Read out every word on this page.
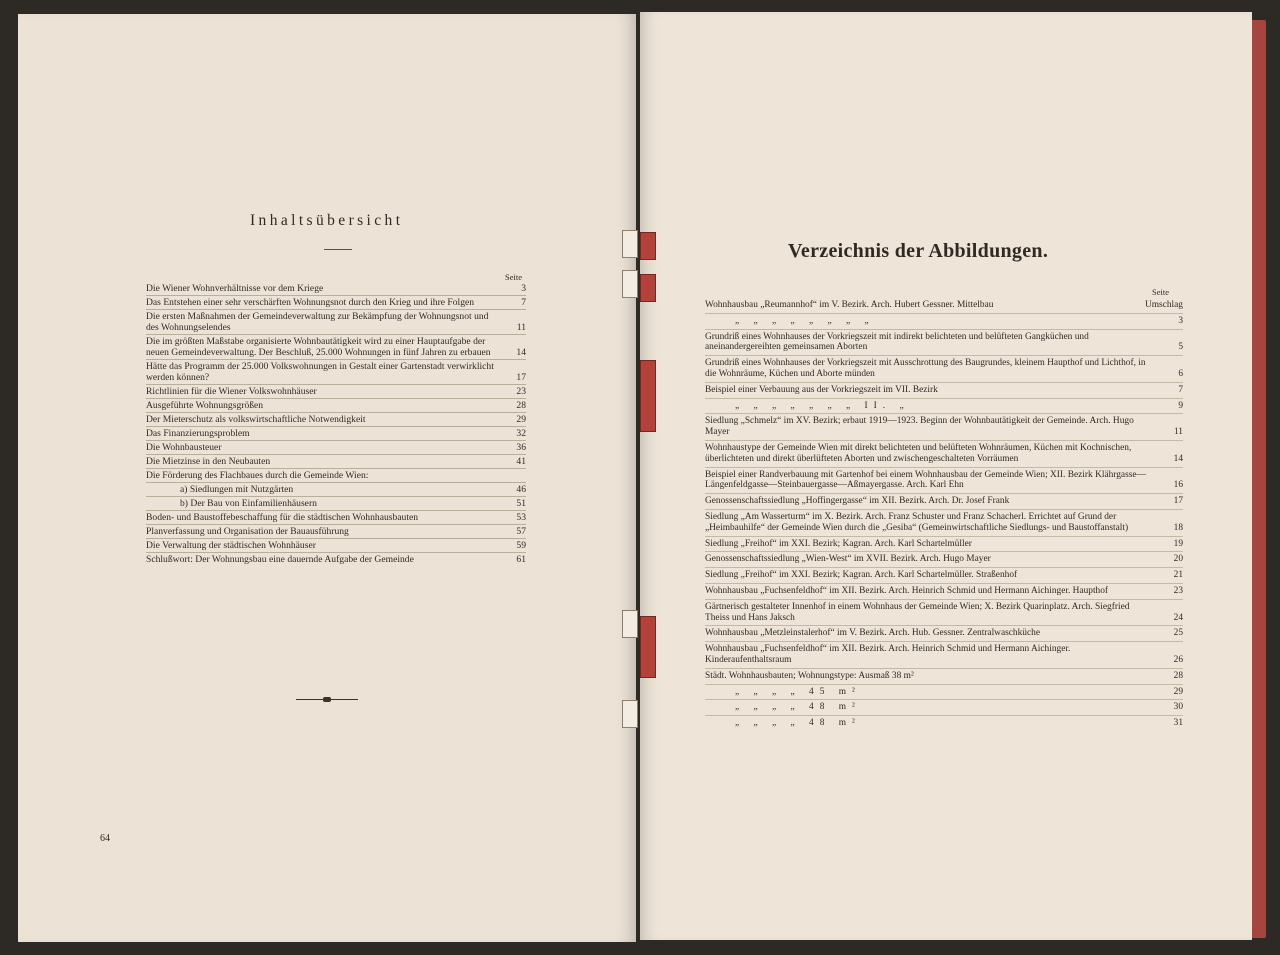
Inhaltsübersicht
Seite
Die Wiener Wohnverhältnisse vor dem Kriege	3
Das Entstehen einer sehr verschärften Wohnungsnot durch den Krieg und ihre Folgen	7
Die ersten Maßnahmen der Gemeindeverwaltung zur Bekämpfung der Wohnungsnot und des Wohnungselendes	11
Die im größten Maßstabe organisierte Wohnbautätigkeit wird zu einer Hauptaufgabe der neuen Gemeindeverwaltung. Der Beschluß, 25.000 Wohnungen in fünf Jahren zu erbauen	14
Hätte das Programm der 25.000 Volkswohnungen in Gestalt einer Gartenstadt verwirklicht werden können?	17
Richtlinien für die Wiener Volkswohnhäuser	23
Ausgeführte Wohnungsgrößen	28
Der Mieterschutz als volkswirtschaftliche Notwendigkeit	29
Das Finanzierungsproblem	32
Die Wohnbausteuer	36
Die Mietzinse in den Neubauten	41
Die Förderung des Flachbaues durch die Gemeinde Wien:
a) Siedlungen mit Nutzgärten	46
b) Der Bau von Einfamilienhäusern	51
Boden- und Baustoffebeschaffung für die städtischen Wohnhausbauten	53
Planverfassung und Organisation der Bauausführung	57
Die Verwaltung der städtischen Wohnhäuser	59
Schlußwort: Der Wohnungsbau eine dauernde Aufgabe der Gemeinde	61
64
Verzeichnis der Abbildungen.
Seite
Wohnhausbau „Reumannhof“ im V. Bezirk. Arch. Hubert Gessner. Mittelbau	Umschlag
„ „ „ „ „ „ „ „	3
Grundriß eines Wohnhauses der Vorkriegszeit mit indirekt belichteten und belüfteten Gangküchen und aneinandergereihten gemeinsamen Aborten	5
Grundriß eines Wohnhauses der Vorkriegszeit mit Ausschrottung des Baugrundes, kleinem Haupthof und Lichthof, in die Wohnräume, Küchen und Aborte münden	6
Beispiel einer Verbauung aus der Vorkriegszeit im VII. Bezirk	7
„ „ „ „ „ „ „ II. „	9
Siedlung „Schmelz“ im XV. Bezirk; erbaut 1919—1923. Beginn der Wohnbautätigkeit der Gemeinde. Arch. Hugo Mayer	11
Wohnhaustype der Gemeinde Wien mit direkt belichteten und belüfteten Wohnräumen, Küchen mit Kochnischen, überlichteten und direkt überlüfteten Aborten und zwischengeschalteten Vorräumen	14
Beispiel einer Randverbauung mit Gartenhof bei einem Wohnhausbau der Gemeinde Wien; XII. Bezirk Klährgasse—Längenfeldgasse—Steinbauergasse—Aßmayergasse. Arch. Karl Ehn	16
Genossenschaftssiedlung „Hoffingergasse“ im XII. Bezirk. Arch. Dr. Josef Frank	17
Siedlung „Am Wasserturm“ im X. Bezirk. Arch. Franz Schuster und Franz Schacherl. Errichtet auf Grund der „Heimbauhilfe“ der Gemeinde Wien durch die „Gesiba“ (Gemeinwirtschaftliche Siedlungs- und Baustoffanstalt)	18
Siedlung „Freihof“ im XXI. Bezirk; Kagran. Arch. Karl Schartelmüller	19
Genossenschaftssiedlung „Wien-West“ im XVII. Bezirk. Arch. Hugo Mayer	20
Siedlung „Freihof“ im XXI. Bezirk; Kagran. Arch. Karl Schartelmüller. Straßenhof	21
Wohnhausbau „Fuchsenfeldhof“ im XII. Bezirk. Arch. Heinrich Schmid und Hermann Aichinger. Haupthof	23
Gärtnerisch gestalteter Innenhof in einem Wohnhaus der Gemeinde Wien; X. Bezirk Quarinplatz. Arch. Siegfried Theiss und Hans Jaksch	24
Wohnhausbau „Metzleinstalerhof“ im V. Bezirk. Arch. Hub. Gessner. Zentralwaschküche	25
Wohnhausbau „Fuchsenfeldhof“ im XII. Bezirk. Arch. Heinrich Schmid und Hermann Aichinger. Kinderaufenthaltsraum	26
Städt. Wohnhausbauten; Wohnungstype: Ausmaß 38 m²	28
„ „ „ „ 45 m²	29
„ „ „ „ 48 m²	30
„ „ „ „ 48 m²	31
